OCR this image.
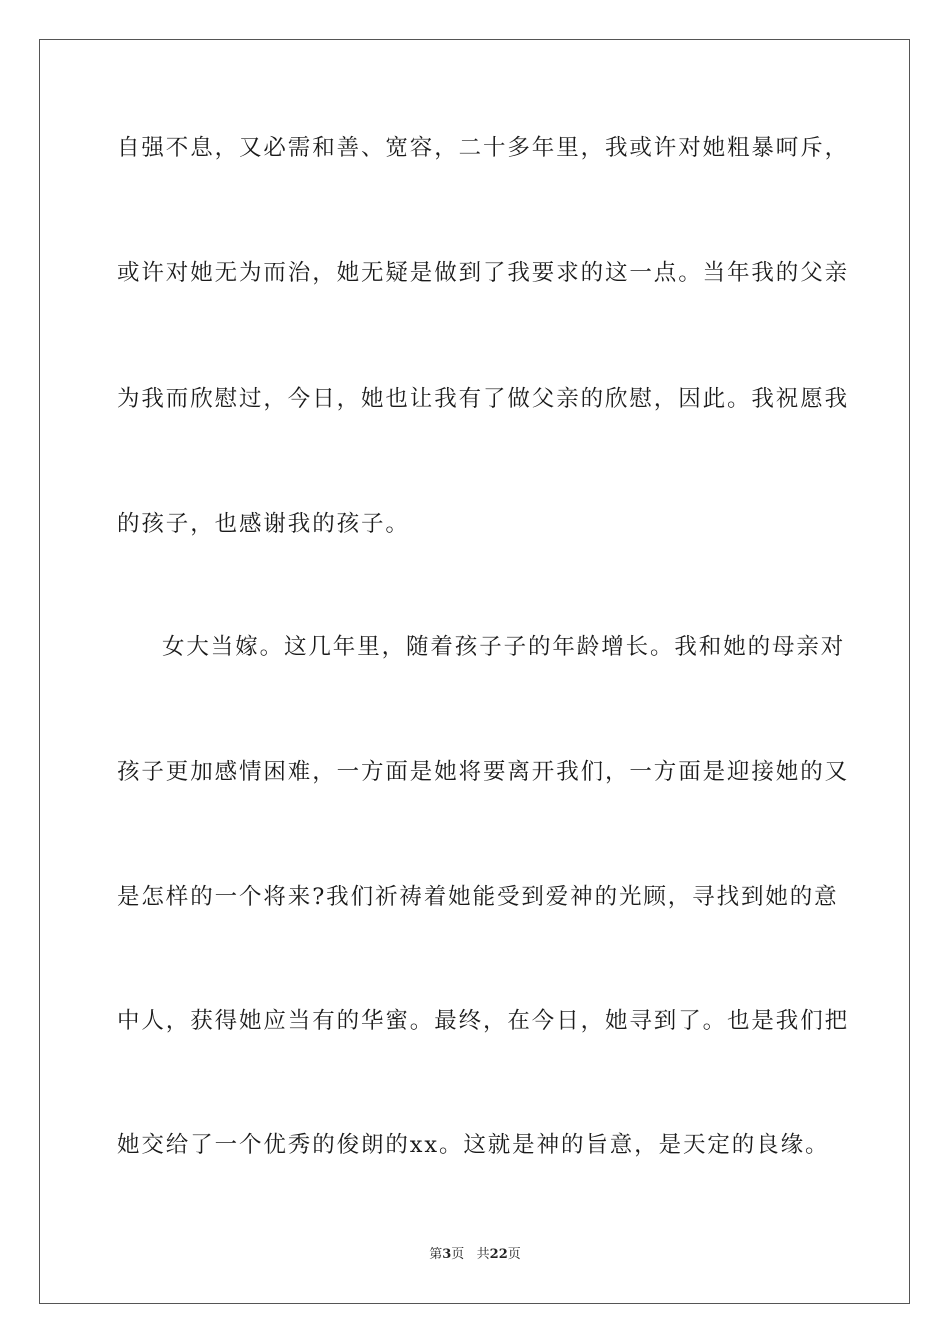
自强不息，又必需和善、宽容，二十多年里，我或许对她粗暴呵斥，
或许对她无为而治，她无疑是做到了我要求的这一点。当年我的父亲
为我而欣慰过，今日，她也让我有了做父亲的欣慰，因此。我祝愿我
的孩子，也感谢我的孩子。
女大当嫁。这几年里，随着孩子子的年龄增长。我和她的母亲对
孩子更加感情困难，一方面是她将要离开我们，一方面是迎接她的又
是怎样的一个将来?我们祈祷着她能受到爱神的光顾，寻找到她的意
中人，获得她应当有的华蜜。最终，在今日，她寻到了。也是我们把
她交给了一个优秀的俊朗的xx。这就是神的旨意，是天定的良缘。
第3页   共22页
